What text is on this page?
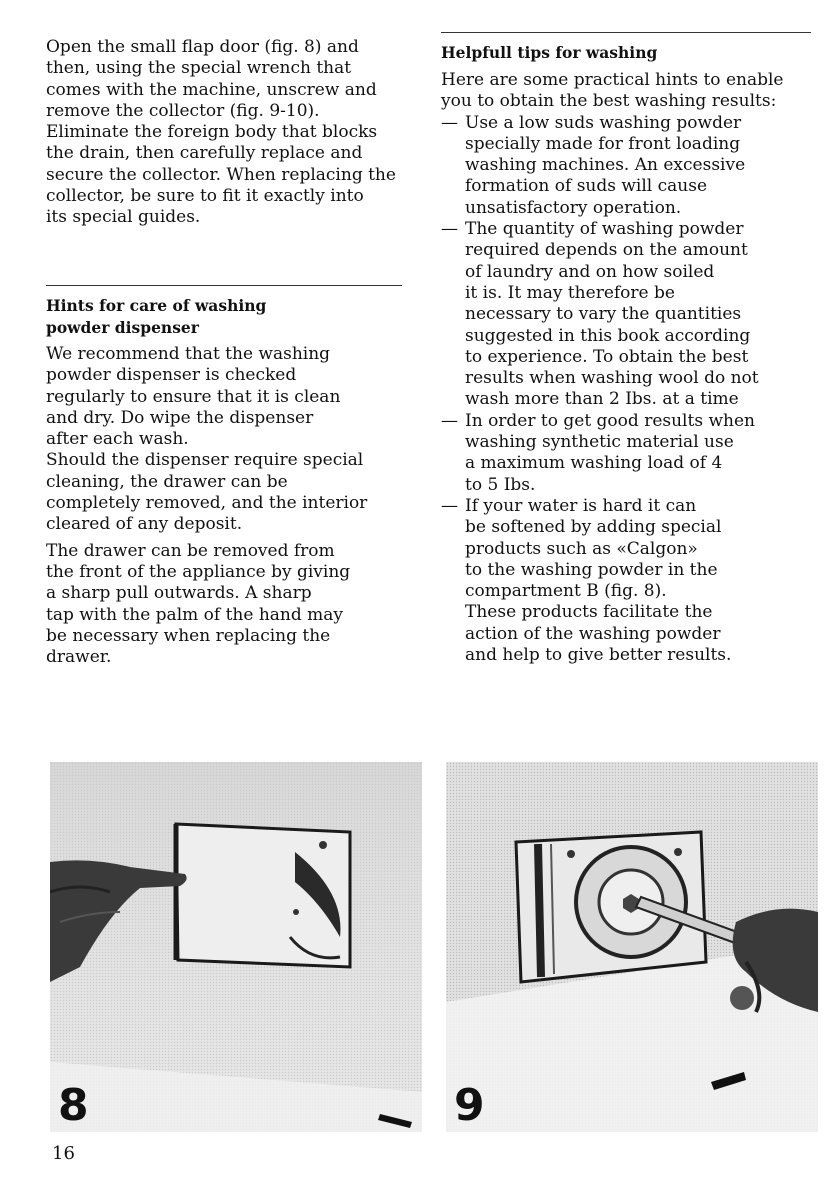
Open the small flap door (fig. 8) and
then, using the special wrench that
comes with the machine, unscrew and
remove the collector (fig. 9-10).
Eliminate the foreign body that blocks
the drain, then carefully replace and
secure the collector. When replacing the
collector, be sure to fit it exactly into
its special guides.
Hints for care of washing
powder dispenser
We recommend that the washing
powder dispenser is checked
regularly to ensure that it is clean
and dry. Do wipe the dispenser
after each wash.
Should the dispenser require special
cleaning, the drawer can be
completely removed, and the interior
cleared of any deposit.
The drawer can be removed from
the front of the appliance by giving
a sharp pull outwards. A sharp
tap with the palm of the hand may
be necessary when replacing the
drawer.
Helpfull tips for washing
Here are some practical hints to enable
you to obtain the best washing results:
— Use a low suds washing powder
specially made for front loading
washing machines. An excessive
formation of suds will cause
unsatisfactory operation.
— The quantity of washing powder
required depends on the amount
of laundry and on how soiled
it is. It may therefore be
necessary to vary the quantities
suggested in this book according
to experience. To obtain the best
results when washing wool do not
wash more than 2 Ibs. at a time
— In order to get good results when
washing synthetic material use
a maximum washing load of 4
to 5 Ibs.
— If your water is hard it can
be softened by adding special
products such as «Calgon»
to the washing powder in the
compartment B (fig. 8).
These products facilitate the
action of the washing powder
and help to give better results.
8	9
16
